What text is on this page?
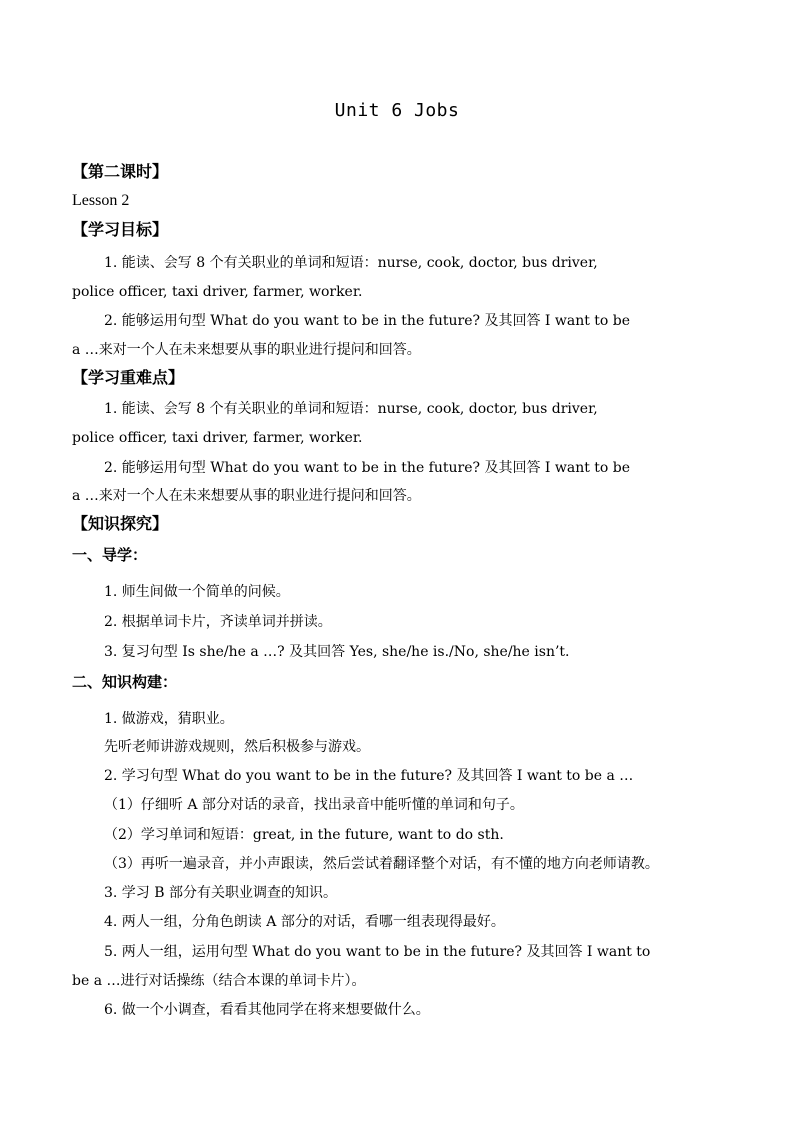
Unit 6 Jobs
【第二课时】
Lesson 2
【学习目标】
1. 能读、会写 8 个有关职业的单词和短语：nurse, cook, doctor, bus driver,
police officer, taxi driver, farmer, worker.
2. 能够运用句型 What do you want to be in the future? 及其回答 I want to be
a …来对一个人在未来想要从事的职业进行提问和回答。
【学习重难点】
1. 能读、会写 8 个有关职业的单词和短语：nurse, cook, doctor, bus driver,
police officer, taxi driver, farmer, worker.
2. 能够运用句型 What do you want to be in the future? 及其回答 I want to be
a …来对一个人在未来想要从事的职业进行提问和回答。
【知识探究】
一、导学：
1. 师生间做一个简单的问候。
2. 根据单词卡片，齐读单词并拼读。
3. 复习句型 Is she/he a …? 及其回答 Yes, she/he is./No, she/he isn’t.
二、知识构建：
1. 做游戏，猜职业。
先听老师讲游戏规则，然后积极参与游戏。
2. 学习句型 What do you want to be in the future? 及其回答 I want to be a …
（1）仔细听 A 部分对话的录音，找出录音中能听懂的单词和句子。
（2）学习单词和短语：great, in the future, want to do sth.
（3）再听一遍录音，并小声跟读，然后尝试着翻译整个对话，有不懂的地方向老师请教。
3. 学习 B 部分有关职业调查的知识。
4. 两人一组，分角色朗读 A 部分的对话，看哪一组表现得最好。
5. 两人一组，运用句型 What do you want to be in the future? 及其回答 I want to
be a …进行对话操练（结合本课的单词卡片）。
6. 做一个小调查，看看其他同学在将来想要做什么。
